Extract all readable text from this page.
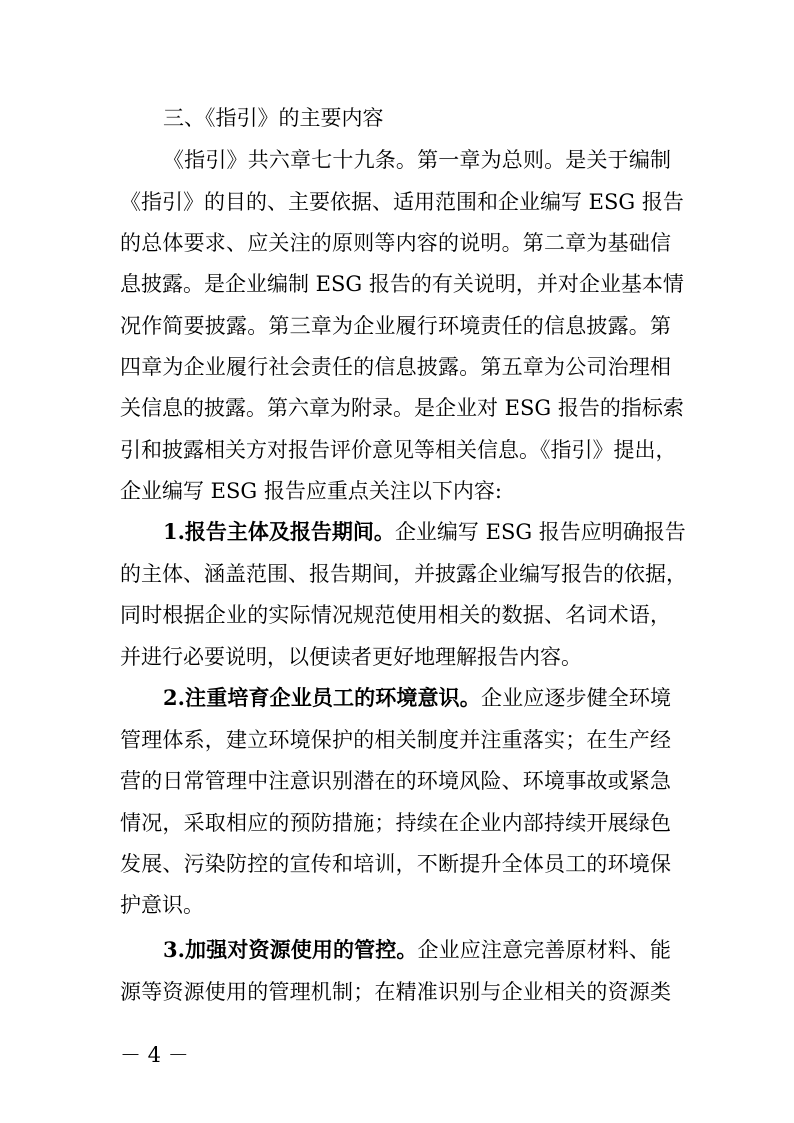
三、《指引》的主要内容
《指引》共六章七十九条。第一章为总则。是关于编制
《指引》的目的、主要依据、适用范围和企业编写 ESG 报告
的总体要求、应关注的原则等内容的说明。第二章为基础信
息披露。是企业编制 ESG 报告的有关说明，并对企业基本情
况作简要披露。第三章为企业履行环境责任的信息披露。第
四章为企业履行社会责任的信息披露。第五章为公司治理相
关信息的披露。第六章为附录。是企业对 ESG 报告的指标索
引和披露相关方对报告评价意见等相关信息。《指引》提出，
企业编写 ESG 报告应重点关注以下内容:
1.报告主体及报告期间。企业编写 ESG 报告应明确报告
的主体、涵盖范围、报告期间，并披露企业编写报告的依据，
同时根据企业的实际情况规范使用相关的数据、名词术语，
并进行必要说明，以便读者更好地理解报告内容。
2.注重培育企业员工的环境意识。企业应逐步健全环境
管理体系，建立环境保护的相关制度并注重落实；在生产经
营的日常管理中注意识别潜在的环境风险、环境事故或紧急
情况，采取相应的预防措施；持续在企业内部持续开展绿色
发展、污染防控的宣传和培训，不断提升全体员工的环境保
护意识。
3.加强对资源使用的管控。企业应注意完善原材料、能
源等资源使用的管理机制；在精准识别与企业相关的资源类
－ 4 －
